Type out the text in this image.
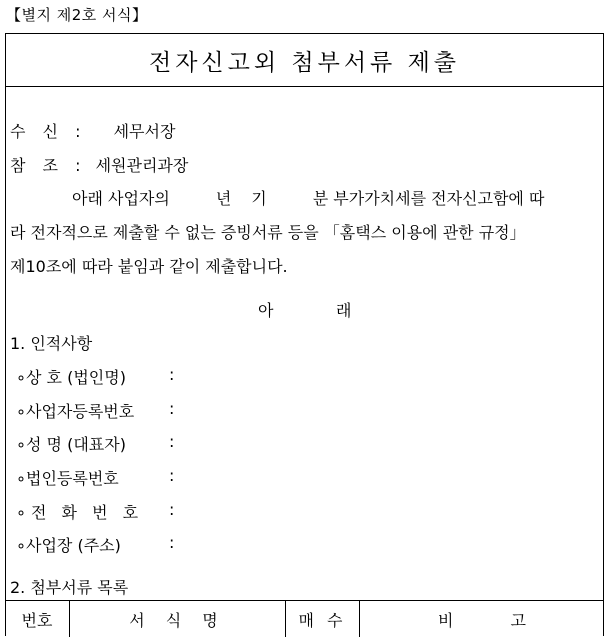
【별지 제2호 서식】
전자신고외 첨부서류 제출
수 신 : 세무서장
참 조 : 세원관리과장
아래 사업자의	년 기	분 부가가치세를 전자신고함에 따
라 전자적으로 제출할 수 없는 증빙서류 등을 「홈택스 이용에 관한 규정」
제10조에 따라 붙임과 같이 제출합니다.
아	래
1. 인적사항
∘상 호 (법인명)	:
∘사업자등록번호 :
∘성 명 (대표자)	:
∘법인등록번호	:
∘전 화 번 호 :
∘사업장 (주소)	:
2. 첨부서류 목록
번호	서 식 명	매 수	비 고
